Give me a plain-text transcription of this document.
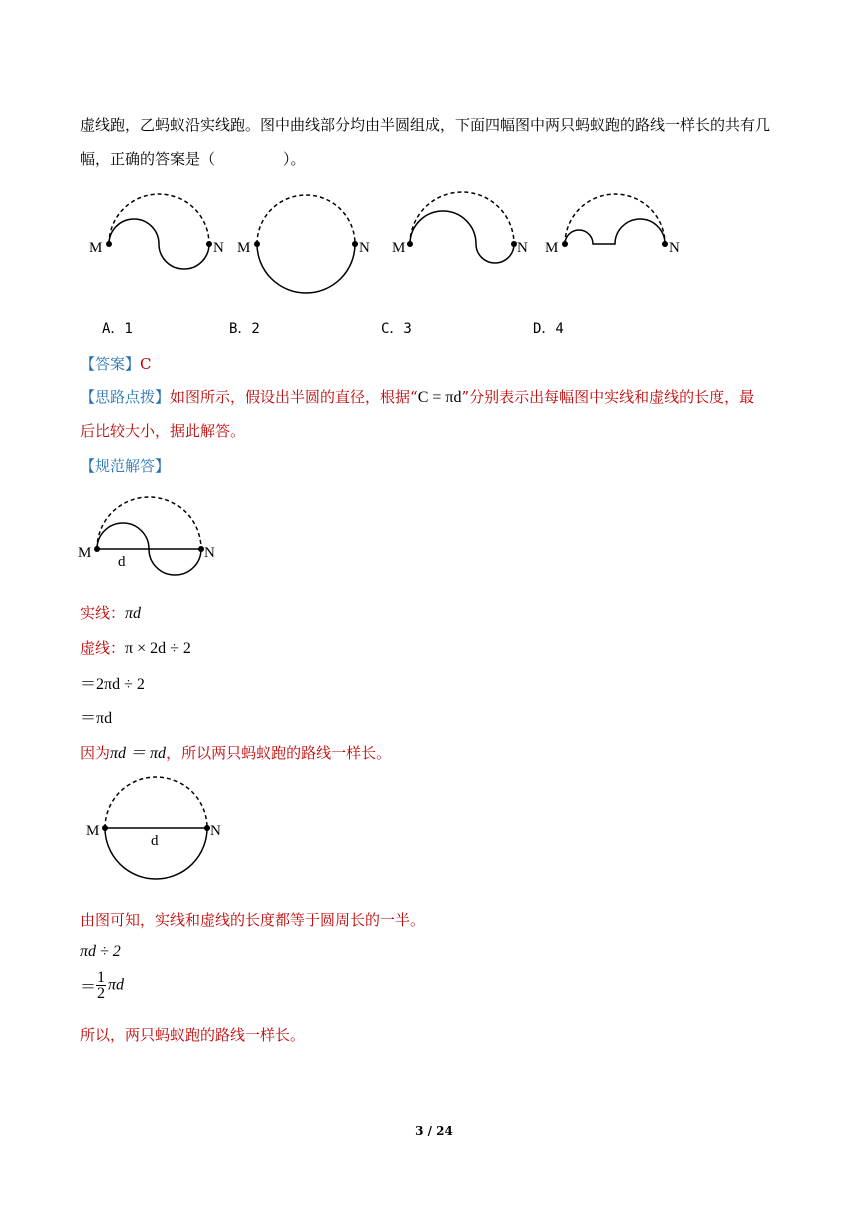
虚线跑，乙蚂蚁沿实线跑。图中曲线部分均由半圆组成，下面四幅图中两只蚂蚁跑的路线一样长的共有几
幅，正确的答案是（	）。
M	N M	N M	N M	N
A．1	B．2	C．3	D．4
【答案】C
【思路点拨】如图所示，假设出半圆的直径，根据“C = πd”分别表示出每幅图中实线和虚线的长度，最
后比较大小，据此解答。
【规范解答】
M	N
d
实线：πd
虚线：π × 2d ÷ 2
＝2πd ÷ 2
＝πd
因为πd ＝ πd，所以两只蚂蚁跑的路线一样长。
M	N
d
由图可知，实线和虚线的长度都等于圆周长的一半。
πd ÷ 2
＝ $\frac{1}{2}$ πd
所以，两只蚂蚁跑的路线一样长。
3 / 24
